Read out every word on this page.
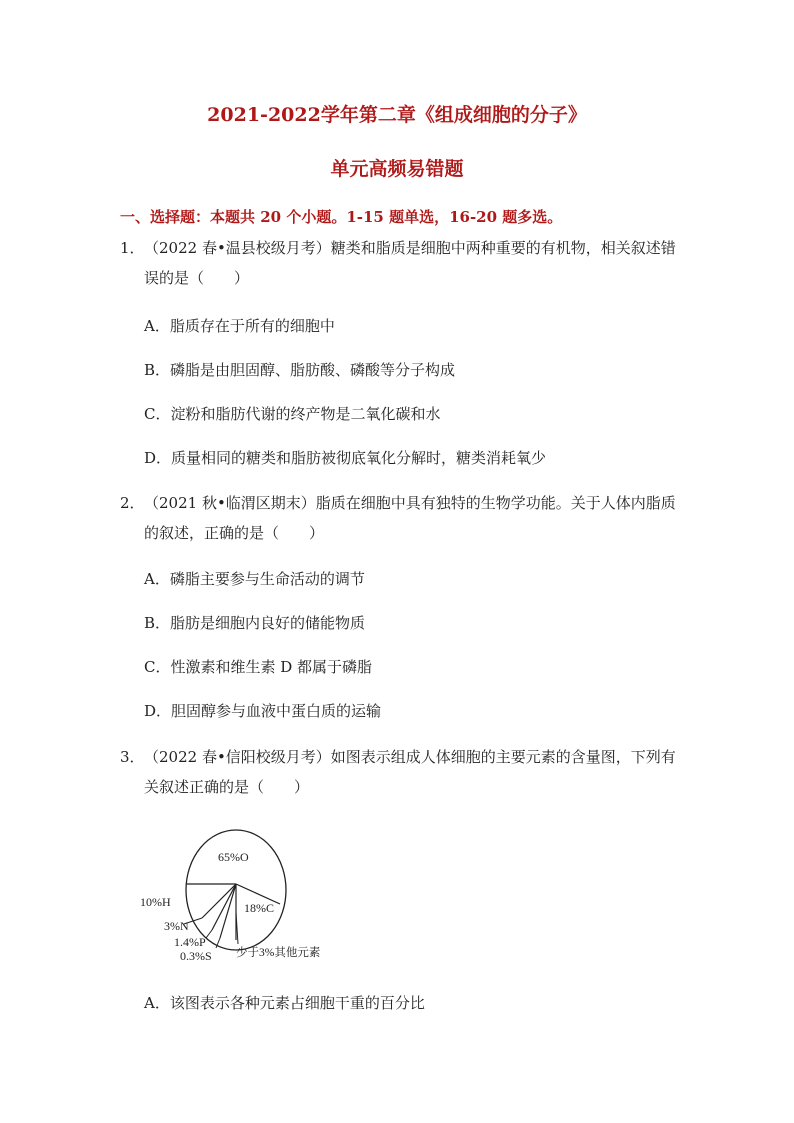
2021-2022学年第二章《组成细胞的分子》
单元高频易错题
一、选择题：本题共 20 个小题。1-15 题单选，16-20 题多选。
1． （2022 春•温县校级月考）糖类和脂质是细胞中两种重要的有机物，相关叙述错误的是（　　）
A．脂质存在于所有的细胞中
B．磷脂是由胆固醇、脂肪酸、磷酸等分子构成
C．淀粉和脂肪代谢的终产物是二氧化碳和水
D．质量相同的糖类和脂肪被彻底氧化分解时，糖类消耗氧少
2． （2021 秋•临渭区期末）脂质在细胞中具有独特的生物学功能。关于人体内脂质的叙述，正确的是（　　）
A．磷脂主要参与生命活动的调节
B．脂肪是细胞内良好的储能物质
C．性激素和维生素 D 都属于磷脂
D．胆固醇参与血液中蛋白质的运输
3． （2022 春•信阳校级月考）如图表示组成人体细胞的主要元素的含量图，下列有关叙述正确的是（　　）
65%O
18%C
10%H
3%N
1.4%P
0.3%S 少于3%其他元素
A．该图表示各种元素占细胞干重的百分比
